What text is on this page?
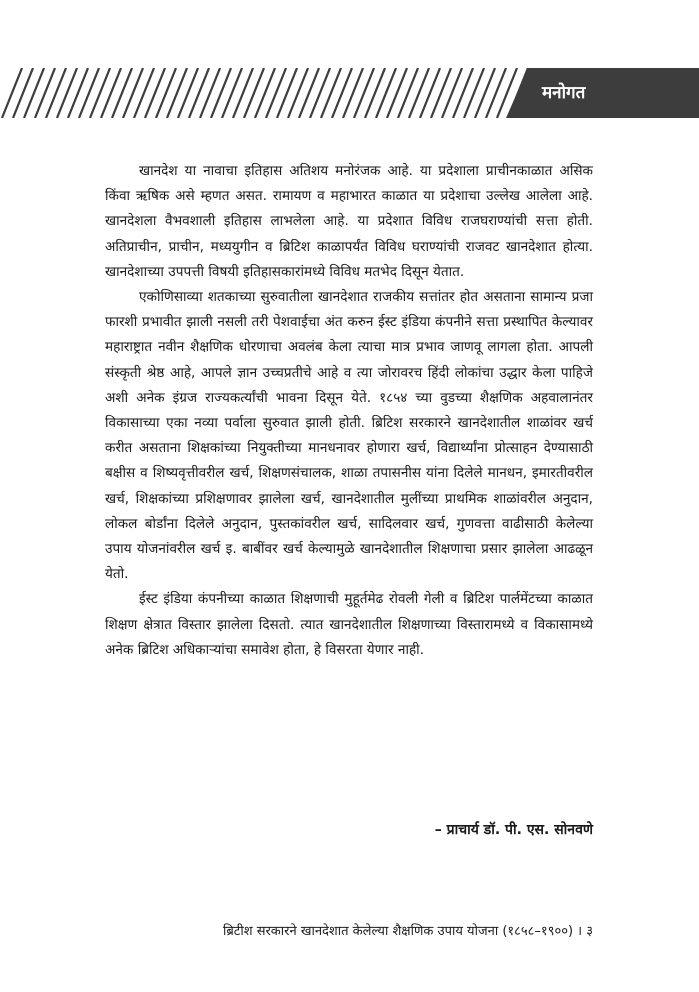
मनोगत

खानदेश या नावाचा इतिहास अतिशय मनोरंजक आहे. या प्रदेशाला प्राचीनकाळात असिक किंवा ऋषिक असे म्हणत असत. रामायण व महाभारत काळात या प्रदेशाचा उल्लेख आलेला आहे. खानदेशला वैभवशाली इतिहास लाभलेला आहे. या प्रदेशात विविध राजघराण्यांची सत्ता होती. अतिप्राचीन, प्राचीन, मध्ययुगीन व ब्रिटिश काळापर्यंत विविध घराण्यांची राजवट खानदेशात होत्या. खानदेशाच्या उपपत्ती विषयी इतिहासकारांमध्ये विविध मतभेद दिसून येतात.

एकोणिसाव्या शतकाच्या सुरुवातीला खानदेशात राजकीय सत्तांतर होत असताना सामान्य प्रजा फारशी प्रभावीत झाली नसली तरी पेशवाईचा अंत करुन ईस्ट इंडिया कंपनीने सत्ता प्रस्थापित केल्यावर महाराष्ट्रात नवीन शैक्षणिक धोरणाचा अवलंब केला त्याचा मात्र प्रभाव जाणवू लागला होता. आपली संस्कृती श्रेष्ठ आहे, आपले ज्ञान उच्चप्रतीचे आहे व त्या जोरावरच हिंदी लोकांचा उद्धार केला पाहिजे अशी अनेक इंग्रज राज्यकर्त्यांची भावना दिसून येते. १८५४ च्या वुडच्या शैक्षणिक अहवालानंतर विकासाच्या एका नव्या पर्वाला सुरुवात झाली होती. ब्रिटिश सरकारने खानदेशातील शाळांवर खर्च करीत असताना शिक्षकांच्या नियुक्तीच्या मानधनावर होणारा खर्च, विद्यार्थ्यांना प्रोत्साहन देण्यासाठी बक्षीस व शिष्यवृत्तीवरील खर्च, शिक्षणसंचालक, शाळा तपासनीस यांना दिलेले मानधन, इमारतीवरील खर्च, शिक्षकांच्या प्रशिक्षणावर झालेला खर्च, खानदेशातील मुलींच्या प्राथमिक शाळांवरील अनुदान, लोकल बोर्डांना दिलेले अनुदान, पुस्तकांवरील खर्च, सादिलवार खर्च, गुणवत्ता वाढीसाठी केलेल्या उपाय योजनांवरील खर्च इ. बाबींवर खर्च केल्यामुळे खानदेशातील शिक्षणाचा प्रसार झालेला आढळून येतो.

ईस्ट इंडिया कंपनीच्या काळात शिक्षणाची मुहूर्तमेढ रोवली गेली व ब्रिटिश पार्लमेंटच्या काळात शिक्षण क्षेत्रात विस्तार झालेला दिसतो. त्यात खानदेशातील शिक्षणाच्या विस्तारामध्ये व विकासामध्ये अनेक ब्रिटिश अधिकाऱ्यांचा समावेश होता, हे विसरता येणार नाही.

– प्राचार्य डॉ. पी. एस. सोनवणे
ब्रिटीश सरकारने खानदेशात केलेल्या शैक्षणिक उपाय योजना (१८५८–१९००) । ३
